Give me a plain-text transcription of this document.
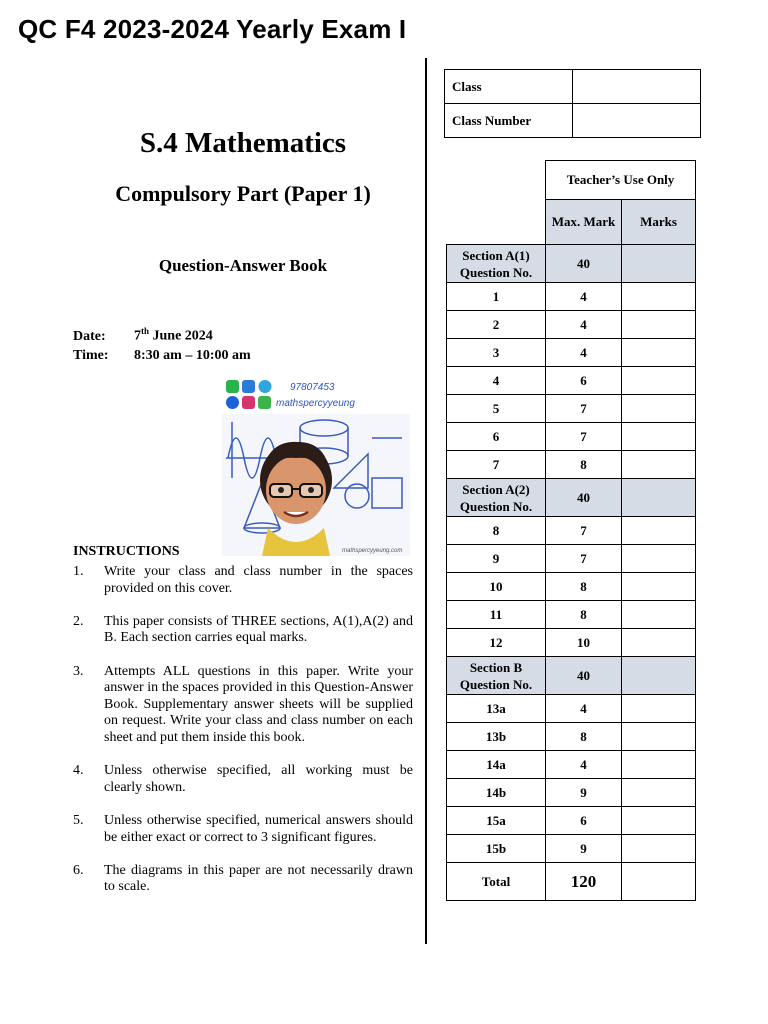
QC F4 2023-2024 Yearly Exam I
S.4 Mathematics
Compulsory Part (Paper 1)
Question-Answer Book
Date: 7th June 2024
Time: 8:30 am – 10:00 am
97807453
mathspercyyeung
mathspercyyeung.com
INSTRUCTIONS
1.	Write your class and class number in the spaces provided on this cover.
2.	This paper consists of THREE sections, A(1),A(2) and B. Each section carries equal marks.
3.	Attempts ALL questions in this paper. Write your answer in the spaces provided in this Question-Answer Book. Supplementary answer sheets will be supplied on request. Write your class and class number on each sheet and put them inside this book.
4.	Unless otherwise specified, all working must be clearly shown.
5.	Unless otherwise specified, numerical answers should be either exact or correct to 3 significant figures.
6.	The diagrams in this paper are not necessarily drawn to scale.
Class	
Class Number	
	Teacher’s Use Only	
	Max. Mark	Marks
Section A(1) Question No.	40	
1	4	
2	4	
3	4	
4	6	
5	7	
6	7	
7	8	
Section A(2) Question No.	40	
8	7	
9	7	
10	8	
11	8	
12	10	
Section B Question No.	40	
13a	4	
13b	8	
14a	4	
14b	9	
15a	6	
15b	9	
Total	120	
